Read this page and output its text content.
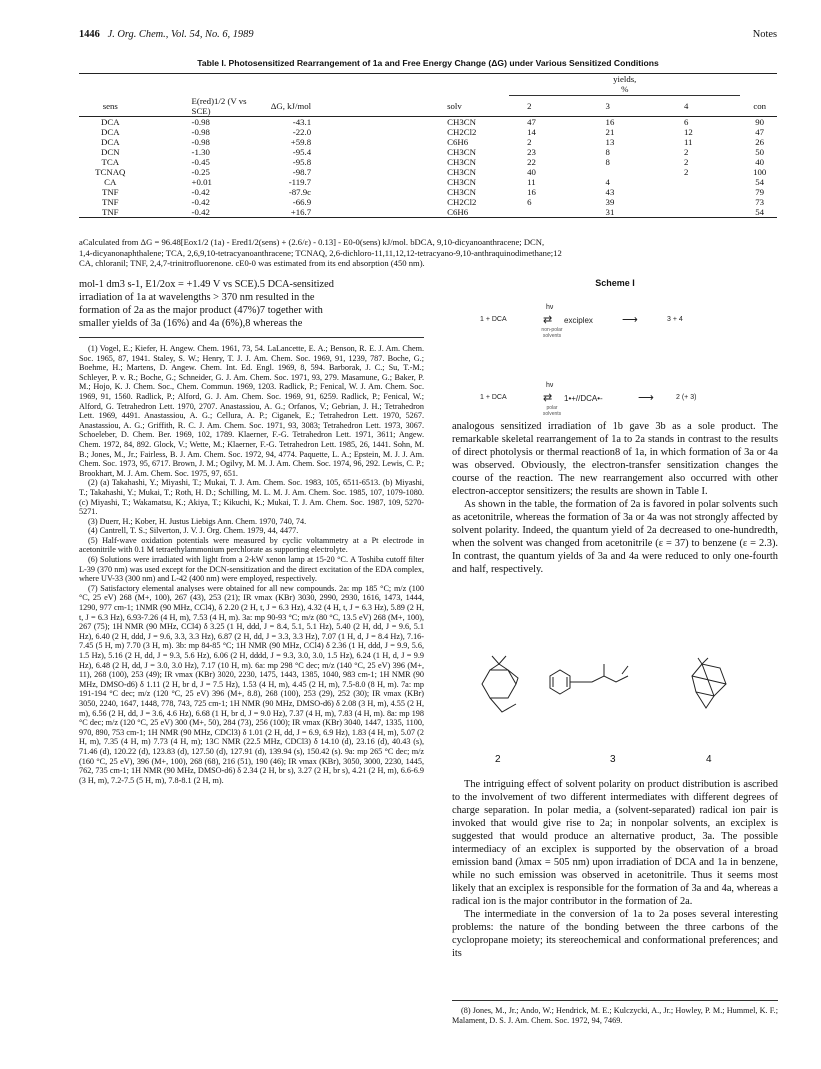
1446 J. Org. Chem., Vol. 54, No. 6, 1989	Notes
Table I. Photosensitized Rearrangement of 1a and Free Energy Change (ΔG) under Various Sensitized Conditions
				yields, %			
sens	E(red)1/2 (V vs SCE)	ΔG, kJ/mol	solv	2	3	4	con
DCA	-0.98	-43.1	CH3CN	47	16	6	90
DCA	-0.98	-22.0	CH2Cl2	14	21	12	47
DCA	-0.98	+59.8	C6H6	2	13	11	26
DCN	-1.30	-95.4	CH3CN	23	8	2	50
TCA	-0.45	-95.8	CH3CN	22	8	2	40
TCNAQ	-0.25	-98.7	CH3CN	40		2	100
CA	+0.01	-119.7	CH3CN	11	4		54
TNF	-0.42	-87.9c	CH3CN	16	43		79
TNF	-0.42	-66.9	CH2Cl2	6	39		73
TNF	-0.42	+16.7	C6H6		31		54
aCalculated from ΔG = 96.48[Eox1/2 (1a) - Ered1/2(sens) + (2.6/ε) - 0.13] - E0-0(sens) kJ/mol. bDCA, 9,10-dicyanoanthracene; DCN,
1,4-dicyanonaphthalene; TCA, 2,6,9,10-tetracyanoanthracene; TCNAQ, 2,6-dichloro-11,11,12,12-tetracyano-9,10-anthraquinodimethane;12
CA, chloranil; TNF, 2,4,7-trinitrofluorenone. cE0-0 was estimated from its end absorption (450 nm).
mol-1 dm3 s-1, E1/2ox = +1.49 V vs SCE).5 DCA-sensitized
irradiation of 1a at wavelengths > 370 nm resulted in the
formation of 2a as the major product (47%)7 together with
smaller yields of 3a (16%) and 4a (6%),8 whereas the

(1) Vogel, E.; Kiefer, H. Angew. Chem. 1961, 73, 54. LaLancette, E. A.; Benson, R. E. J. Am. Chem. Soc. 1965, 87, 1941. Staley, S. W.; Henry, T. J. J. Am. Chem. Soc. 1969, 91, 1239, 787. Boche, G.; Boehme, H.; Martens, D. Angew. Chem. Int. Ed. Engl. 1969, 8, 594. Barborak, J. C.; Su, T.-M.; Schleyer, P. v. R.; Boche, G.; Schneider, G. J. Am. Chem. Soc. 1971, 93, 279. Masamune, G.; Baker, P. M.; Hojo, K. J. Chem. Soc., Chem. Commun. 1969, 1203. Radlick, P.; Fenical, W. J. Am. Chem. Soc. 1969, 91, 1560. Radlick, P.; Alford, G. J. Am. Chem. Soc. 1969, 91, 6259. Radlick, P.; Fenical, W.; Alford, G. Tetrahedron Lett. 1970, 2707. Anastassiou, A. G.; Orfanos, V.; Gebrian, J. H.; Tetrahedron Lett. 1969, 4491. Anastassiou, A. G.; Cellura, A. P.; Ciganek, E.; Tetrahedron Lett. 1970, 5267. Anastassiou, A. G.; Griffith, R. C. J. Am. Chem. Soc. 1971, 93, 3083; Tetrahedron Lett. 1973, 3067. Schoeleber, D. Chem. Ber. 1969, 102, 1789. Klaerner, F.-G. Tetrahedron Lett. 1971, 3611; Angew. Chem. 1972, 84, 892. Glock, V.; Wette, M.; Klaerner, F.-G. Tetrahedron Lett. 1985, 26, 1441. Sohn, M. B.; Jones, M., Jr.; Fairless, B. J. Am. Chem. Soc. 1972, 94, 4774. Paquette, L. A.; Epstein, M. J. J. Am. Chem. Soc. 1973, 95, 6717. Brown, J. M.; Ogilvy, M. M. J. Am. Chem. Soc. 1974, 96, 292. Lewis, C. P.; Brookhart, M. J. Am. Chem. Soc. 1975, 97, 651.

(2) (a) Takahashi, Y.; Miyashi, T.; Mukai, T. J. Am. Chem. Soc. 1983, 105, 6511-6513. (b) Miyashi, T.; Takahashi, Y.; Mukai, T.; Roth, H. D.; Schilling, M. L. M. J. Am. Chem. Soc. 1985, 107, 1079-1080. (c) Miyashi, T.; Wakamatsu, K.; Akiya, T.; Kikuchi, K.; Mukai, T. J. Am. Chem. Soc. 1987, 109, 5270-5271.

(3) Duerr, H.; Kober, H. Justus Liebigs Ann. Chem. 1970, 740, 74.

(4) Cantrell, T. S.; Silverton, J. V. J. Org. Chem. 1979, 44, 4477.

(5) Half-wave oxidation potentials were measured by cyclic voltammetry at a Pt electrode in acetonitrile with 0.1 M tetraethylammonium perchlorate as supporting electrolyte.

(6) Solutions were irradiated with light from a 2-kW xenon lamp at 15-20 °C. A Toshiba cutoff filter L-39 (370 nm) was used except for the DCN-sensitization and the direct excitation of the EDA complex, where UV-33 (300 nm) and L-42 (400 nm) were employed, respectively.

(7) Satisfactory elemental analyses were obtained for all new compounds. 2a: mp 185 °C; m/z (100 °C, 25 eV) 268 (M+, 100), 267 (43), 253 (21); IR νmax (KBr) 3030, 2990, 2930, 1616, 1473, 1444, 1290, 977 cm-1; 1NMR (90 MHz, CCl4), δ 2.20 (2 H, t, J = 6.3 Hz), 4.32 (4 H, t, J = 6.3 Hz), 5.89 (2 H, t, J = 6.3 Hz), 6.93-7.26 (4 H, m), 7.53 (4 H, m). 3a: mp 90-93 °C; m/z (80 °C, 13.5 eV) 268 (M+, 100), 267 (75); 1H NMR (90 MHz, CCl4) δ 3.25 (1 H, ddd, J = 8.4, 5.1, 5.1 Hz), 5.40 (2 H, dd, J = 9.6, 5.1 Hz), 6.40 (2 H, ddd, J = 9.6, 3.3, 3.3 Hz), 6.87 (2 H, dd, J = 3.3, 3.3 Hz), 7.07 (1 H, d, J = 8.4 Hz), 7.16-7.45 (5 H, m) 7.70 (3 H, m). 3b: mp 84-85 °C; 1H NMR (90 MHz, CCl4) δ 2.36 (1 H, ddd, J = 9.9, 5.6, 1.5 Hz), 5.16 (2 H, dd, J = 9.3, 5.6 Hz), 6.06 (2 H, dddd, J = 9.3, 3.0, 3.0, 1.5 Hz), 6.24 (1 H, d, J = 9.9 Hz), 6.48 (2 H, dd, J = 3.0, 3.0 Hz), 7.17 (10 H, m). 6a: mp 298 °C dec; m/z (140 °C, 25 eV) 396 (M+, 11), 268 (100), 253 (49); IR νmax (KBr) 3020, 2230, 1475, 1443, 1385, 1040, 983 cm-1; 1H NMR (90 MHz, DMSO-d6) δ 1.11 (2 H, br d, J = 7.5 Hz), 1.53 (4 H, m), 4.45 (2 H, m), 7.5-8.0 (8 H, m). 7a: mp 191-194 °C dec; m/z (120 °C, 25 eV) 396 (M+, 8.8), 268 (100), 253 (29), 252 (30); IR νmax (KBr) 3050, 2240, 1647, 1448, 778, 743, 725 cm-1; 1H NMR (90 MHz, DMSO-d6) δ 2.08 (3 H, m), 4.55 (2 H, m), 6.56 (2 H, dd, J = 3.6, 4.6 Hz), 6.68 (1 H, br d, J = 9.0 Hz), 7.37 (4 H, m), 7.83 (4 H, m). 8a: mp 198 °C dec; m/z (120 °C, 25 eV) 300 (M+, 50), 284 (73), 256 (100); IR νmax (KBr) 3040, 1447, 1335, 1100, 970, 890, 753 cm-1; 1H NMR (90 MHz, CDCl3) δ 1.01 (2 H, dd, J = 6.9, 6.9 Hz), 1.83 (4 H, m), 5.07 (2 H, m), 7.35 (4 H, m) 7.73 (4 H, m); 13C NMR (22.5 MHz, CDCl3) δ 14.10 (d), 23.16 (d), 40.43 (s), 71.46 (d), 120.22 (d), 123.83 (d), 127.50 (d), 127.91 (d), 139.94 (s), 150.42 (s). 9a: mp 265 °C dec; m/z (160 °C, 25 eV), 396 (M+, 100), 268 (68), 216 (51), 190 (46); IR νmax (KBr), 3050, 3000, 2230, 1445, 762, 735 cm-1; 1H NMR (90 MHz, DMSO-d6) δ 2.34 (2 H, br s), 3.27 (2 H, br s), 4.21 (2 H, m), 6.6-6.9 (3 H, m), 7.2-7.5 (5 H, m), 7.8-8.1 (2 H, m).

Scheme I
1 + DCA
hν
⇄ exciplex
non-polar solvents
⟶	3 + 4
1 + DCA
hν
⇄ 1•+//DCA•-
polar solvents
⟶	2 (+ 3)

analogous sensitized irradiation of 1b gave 3b as a sole product. The remarkable skeletal rearrangement of 1a to 2a stands in contrast to the results of direct photolysis or thermal reaction8 of 1a, in which formation of 3a or 4a was observed. Obviously, the electron-transfer sensitization changes the course of the reaction. The new rearrangement also occurred with other electron-acceptor sensitizers; the results are shown in Table I.

As shown in the table, the formation of 2a is favored in polar solvents such as acetonitrile, whereas the formation of 3a or 4a was not strongly affected by solvent polarity. Indeed, the quantum yield of 2a decreased to one-hundredth, when the solvent was changed from acetonitrile (ε = 37) to benzene (ε = 2.3). In contrast, the quantum yields of 3a and 4a were reduced to only one-fourth and half, respectively.

2	3	4

The intriguing effect of solvent polarity on product distribution is ascribed to the involvement of two different intermediates with different degrees of charge separation. In polar media, a (solvent-separated) radical ion pair is invoked that would give rise to 2a; in nonpolar solvents, an exciplex is suggested that would produce an alternative product, 3a. The possible intermediacy of an exciplex is supported by the observation of a broad emission band (λmax = 505 nm) upon irradiation of DCA and 1a in benzene, while no such emission was observed in acetonitrile. Thus it seems most likely that an exciplex is responsible for the formation of 3a and 4a, whereas a radical ion is the major contributor in the formation of 2a.

The intermediate in the conversion of 1a to 2a poses several interesting problems: the nature of the bonding between the three carbons of the cyclopropane moiety; its stereochemical and conformational preferences; and its

(8) Jones, M., Jr.; Ando, W.; Hendrick, M. E.; Kulczycki, A., Jr.; Howley, P. M.; Hummel, K. F.; Malament, D. S. J. Am. Chem. Soc. 1972, 94, 7469.
